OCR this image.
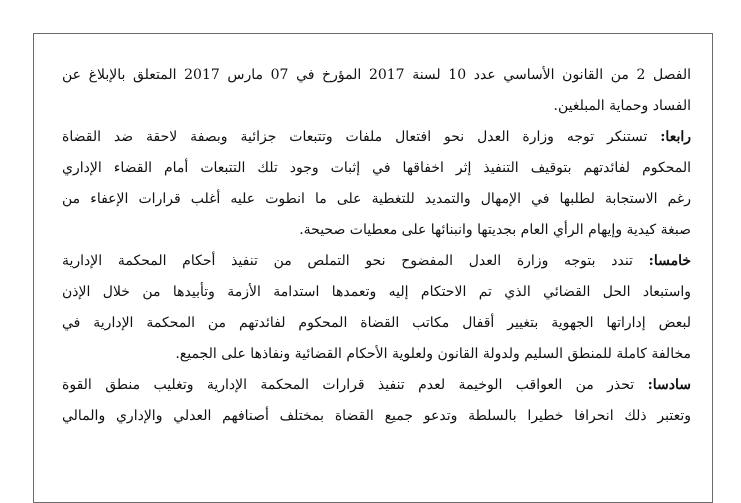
الفصل 2 من القانون الأساسي عدد 10 لسنة 2017 المؤرخ في 07 مارس 2017 المتعلق بالإبلاغ عن
الفساد وحماية المبلغين.
رابعا: تستنكر توجه وزارة العدل نحو افتعال ملفات وتتبعات جزائية وبصفة لاحقة ضد القضاة
المحكوم لفائدتهم بتوقيف التنفيذ إثر اخفاقها في إثبات وجود تلك التتبعات أمام القضاء الإداري
رغم الاستجابة لطلبها في الإمهال والتمديد للتغطية على ما انطوت عليه أغلب قرارات الإعفاء من
صبغة كيدية وإيهام الرأي العام بجديتها وانبنائها على معطيات صحيحة.
خامسا: تندد بتوجه وزارة العدل المفضوح نحو التملص من تنفيذ أحكام المحكمة الإدارية
واستبعاد الحل القضائي الذي تم الاحتكام إليه وتعمدها استدامة الأزمة وتأبيدها من خلال الإذن
لبعض إداراتها الجهوية بتغيير أقفال مكاتب القضاة المحكوم لفائدتهم من المحكمة الإدارية في
مخالفة كاملة للمنطق السليم ولدولة القانون ولعلوية الأحكام القضائية ونفاذها على الجميع.
سادسا: تحذر من العواقب الوخيمة لعدم تنفيذ قرارات المحكمة الإدارية وتغليب منطق القوة
وتعتبر ذلك انحرافا خطيرا بالسلطة وتدعو جميع القضاة بمختلف أصنافهم العدلي والإداري والمالي
